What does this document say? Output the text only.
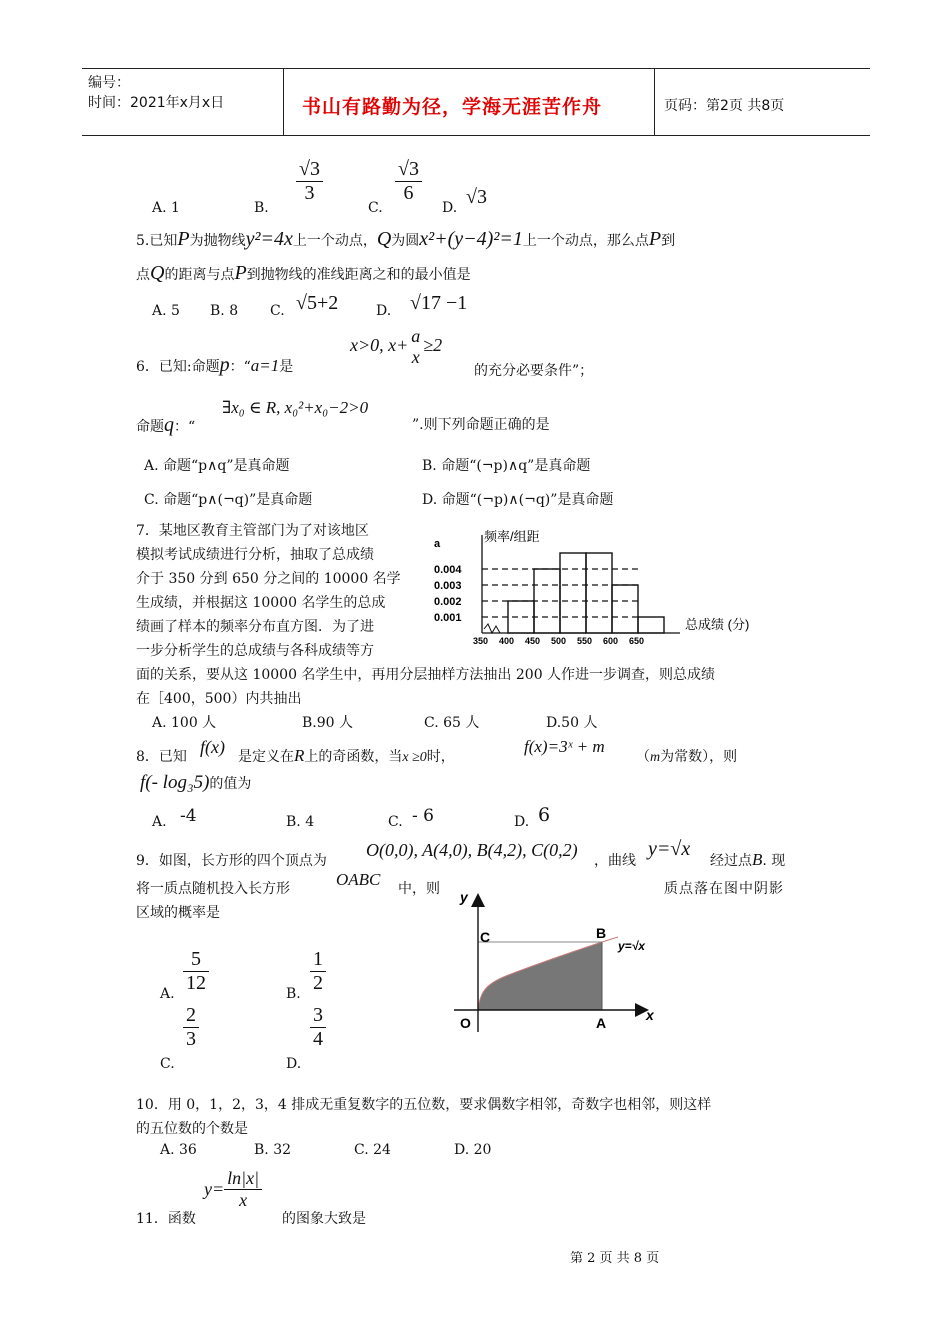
编号：
时间：2021年x月x日	书山有路勤为径，学海无涯苦作舟	页码：第2页 共8页
A. 1	B.
$\frac{√3}{3}$
C.
$\frac{√3}{6}$
D. √3
5.已知P为抛物线y²=4x上一个动点，Q为圆x²+(y−4)²=1上一个动点，那么点P到
点Q的距离与点P到抛物线的准线距离之和的最小值是
A. 5 B. 8 C. √5+2	D. √17 −1
6．已知:命题p：“a=1是
x>0, x+ a
x
≥2
的充分必要条件”；
命题q：“
∃x₀ ∈ R, x₀²+x₀−2>0
”.则下列命题正确的是
A. 命题“p∧q”是真命题	B. 命题“(¬p)∧q”是真命题
C. 命题“p∧(¬q)”是真命题	D. 命题“(¬p)∧(¬q)”是真命题
7．某地区教育主管部门为了对该地区
模拟考试成绩进行分析，抽取了总成绩
介于 350 分到 650 分之间的 10000 名学
生成绩，并根据这 10000 名学生的总成
绩画了样本的频率分布直方图．为了进
一步分析学生的总成绩与各科成绩等方
面的关系，要从这 10000 名学生中，再用分层抽样方法抽出 200 人作进一步调查，则总成绩
在［400，500）内共抽出
A. 100 人	B.90 人	C. 65 人	D.50 人
频率/组距
总成绩 (分)
a
0.004
0.003
0.002
0.001
350 400 450 500 550 600 650
8．已知 f(x) 是定义在R上的奇函数，当x ≥0时，
f(x)=3ˣ + m
（m为常数），则
f(- log₃5)的值为
A. -4	B. 4	C. - 6	D. 6
9．如图，长方形的四个顶点为
O(0,0), A(4,0), B(4,2), C(0,2)
，曲线
y=√x
经过点B. 现
将一质点随机投入长方形	OABC 中，则	质点落在图中阴影
区域的概率是
A. $\frac{5}{12}$	B. $\frac{1}{2}$
C.
$\frac{2}{3}$
D.
$\frac{3}{4}$
y
x
O	A
B
C
y=√x
10．用 0，1，2，3，4 排成无重复数字的五位数，要求偶数字相邻，奇数字也相邻，则这样
的五位数的个数是
A. 36	B. 32	C. 24	D. 20
11．函数
$y= \frac{\ln|x|}{x}$
的图象大致是
第 2 页 共 8 页
